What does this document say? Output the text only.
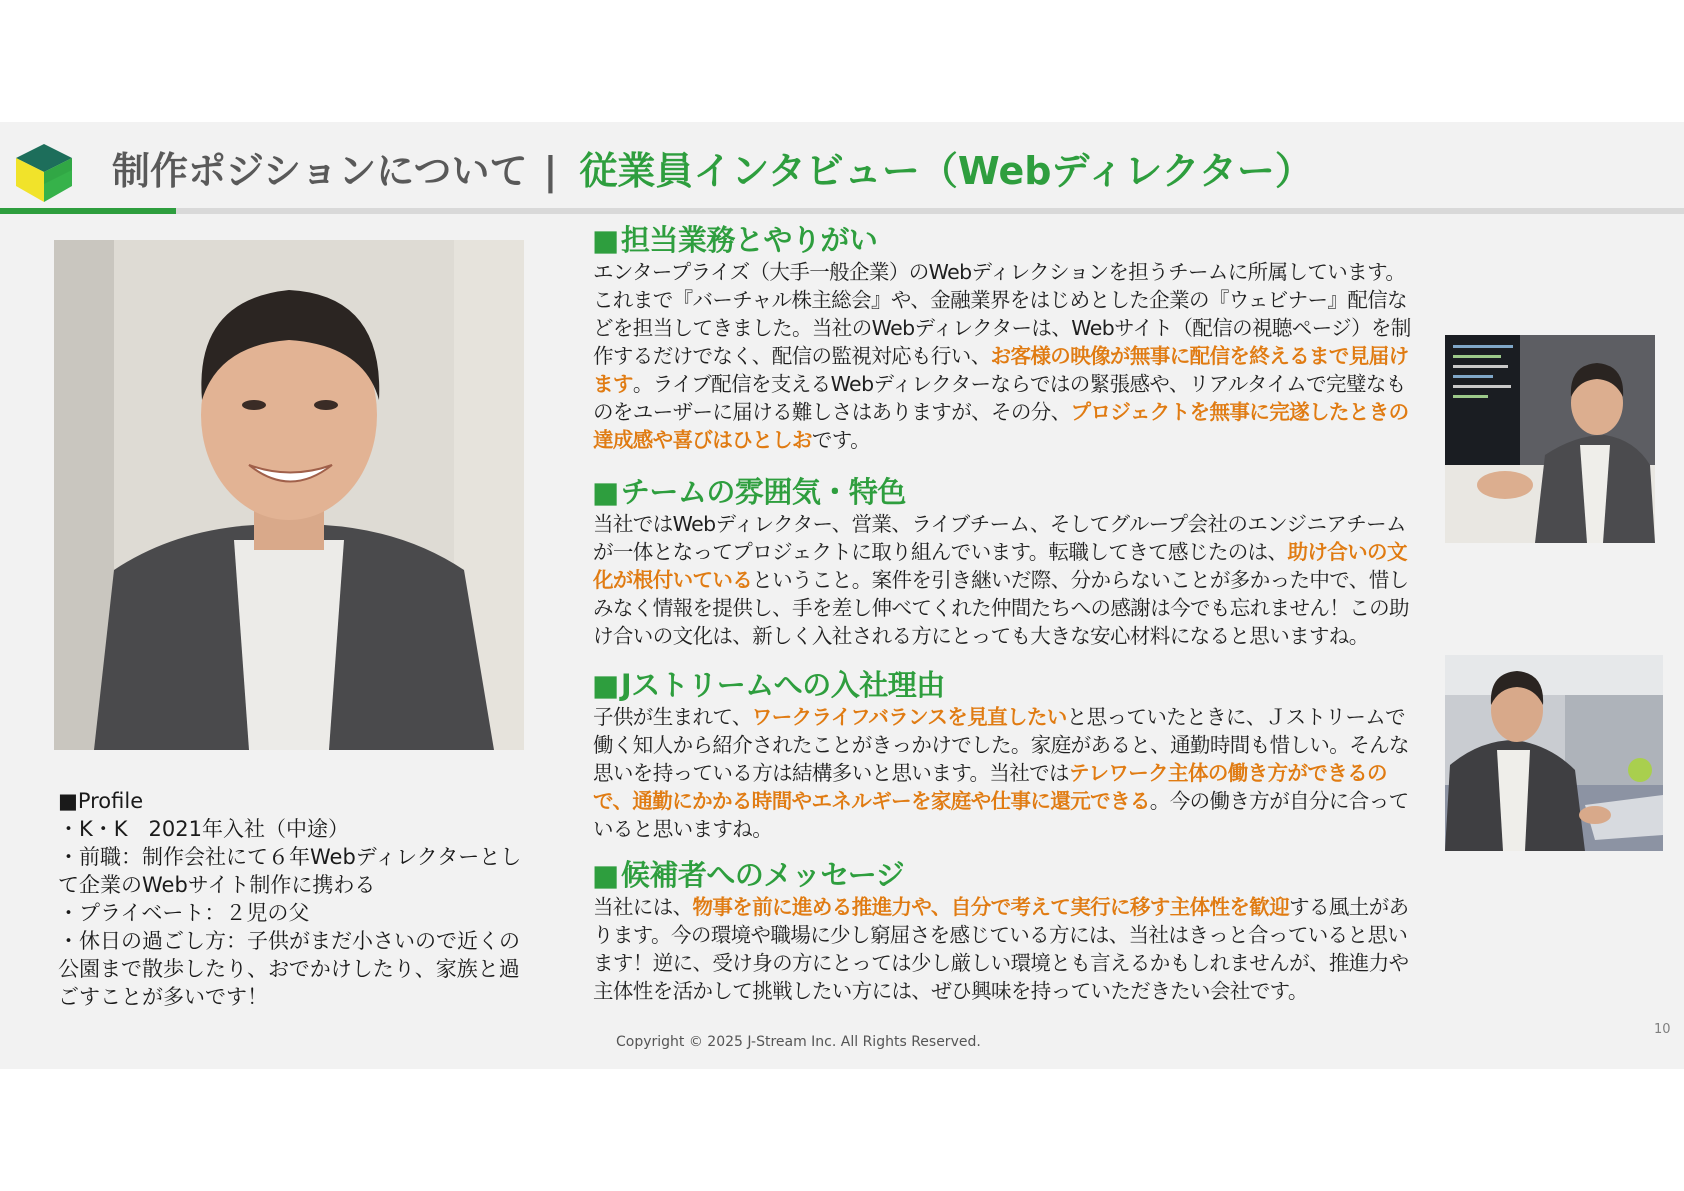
制作ポジションについて | 従業員インタビュー（Webディレクター）
■Profile
・K・K　2021年入社（中途）
・前職：制作会社にて６年Webディレクターとして企業のWebサイト制作に携わる
・プライベート：２児の父
・休日の過ごし方：子供がまだ小さいので近くの公園まで散歩したり、おでかけしたり、家族と過ごすことが多いです！
■担当業務とやりがい
エンタープライズ（大手一般企業）のWebディレクションを担うチームに所属しています。これまで『バーチャル株主総会』や、金融業界をはじめとした企業の『ウェビナー』配信などを担当してきました。当社のWebディレクターは、Webサイト（配信の視聴ページ）を制作するだけでなく、配信の監視対応も行い、お客様の映像が無事に配信を終えるまで見届けます。ライブ配信を支えるWebディレクターならではの緊張感や、リアルタイムで完璧なものをユーザーに届ける難しさはありますが、その分、プロジェクトを無事に完遂したときの達成感や喜びはひとしおです。
■チームの雰囲気・特色
当社ではWebディレクター、営業、ライブチーム、そしてグループ会社のエンジニアチームが一体となってプロジェクトに取り組んでいます。転職してきて感じたのは、助け合いの文化が根付いているということ。案件を引き継いだ際、分からないことが多かった中で、惜しみなく情報を提供し、手を差し伸べてくれた仲間たちへの感謝は今でも忘れません！この助け合いの文化は、新しく入社される方にとっても大きな安心材料になると思いますね。
■Jストリームへの入社理由
子供が生まれて、ワークライフバランスを見直したいと思っていたときに、Ｊストリームで働く知人から紹介されたことがきっかけでした。家庭があると、通勤時間も惜しい。そんな思いを持っている方は結構多いと思います。当社ではテレワーク主体の働き方ができるので、通勤にかかる時間やエネルギーを家庭や仕事に還元できる。今の働き方が自分に合っていると思いますね。
■候補者へのメッセージ
当社には、物事を前に進める推進力や、自分で考えて実行に移す主体性を歓迎する風土があります。今の環境や職場に少し窮屈さを感じている方には、当社はきっと合っていると思います！逆に、受け身の方にとっては少し厳しい環境とも言えるかもしれませんが、推進力や主体性を活かして挑戦したい方には、ぜひ興味を持っていただきたい会社です。
Copyright © 2025 J-Stream Inc. All Rights Reserved.
10
